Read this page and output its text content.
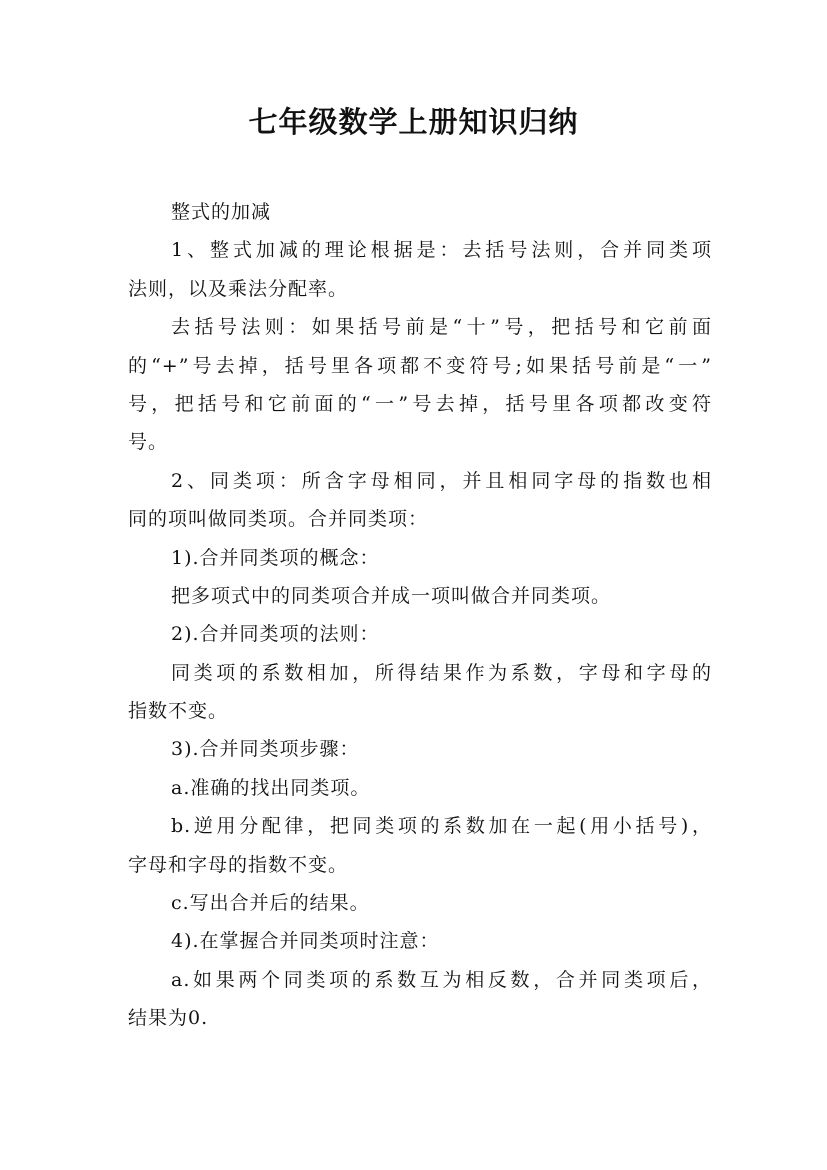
七年级数学上册知识归纳
整式的加减
1、整式加减的理论根据是：去括号法则，合并同类项
法则，以及乘法分配率。
去括号法则：如果括号前是“十”号，把括号和它前面
的“+”号去掉，括号里各项都不变符号;如果括号前是“一”
号，把括号和它前面的“一”号去掉，括号里各项都改变符
号。
2、同类项：所含字母相同，并且相同字母的指数也相
同的项叫做同类项。合并同类项：
1).合并同类项的概念：
把多项式中的同类项合并成一项叫做合并同类项。
2).合并同类项的法则：
同类项的系数相加，所得结果作为系数，字母和字母的
指数不变。
3).合并同类项步骤：
a.准确的找出同类项。
b.逆用分配律，把同类项的系数加在一起(用小括号)，
字母和字母的指数不变。
c.写出合并后的结果。
4).在掌握合并同类项时注意：
a.如果两个同类项的系数互为相反数，合并同类项后，
结果为0.
